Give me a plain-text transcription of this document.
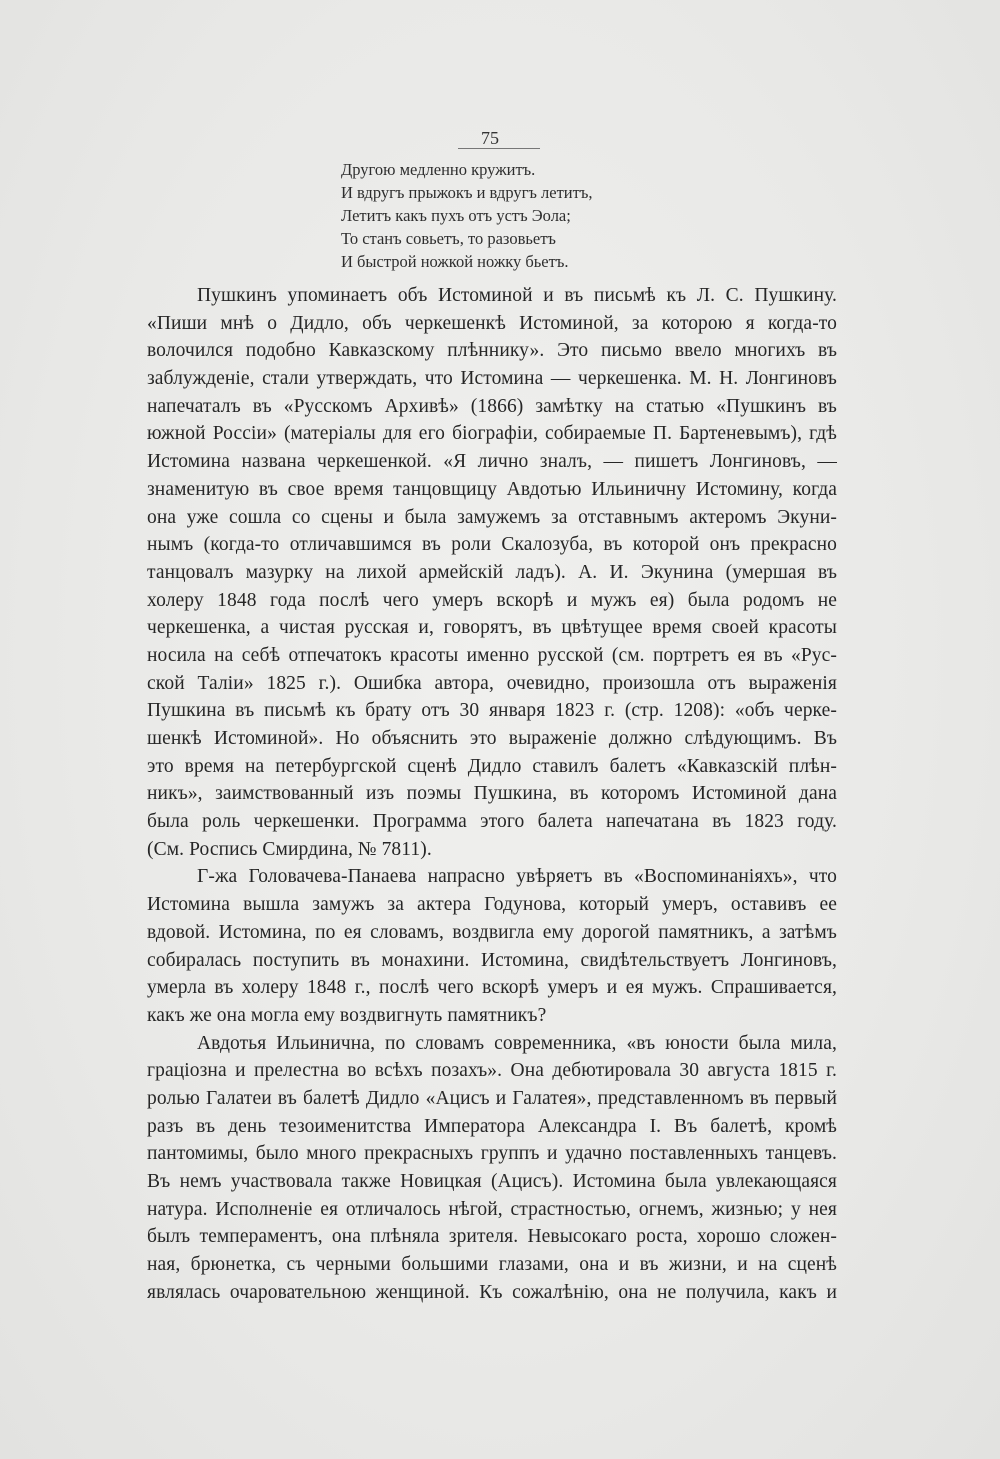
75
Другою медленно кружитъ.
И вдругъ прыжокъ и вдругъ летитъ,
Летитъ какъ пухъ отъ устъ Эола;
То станъ совьетъ, то разовьетъ
И быстрой ножкой ножку бьетъ.
Пушкинъ упоминаетъ объ Истоминой и въ письмѣ къ Л. С. Пушкину.
«Пиши мнѣ о Дидло, объ черкешенкѣ Истоминой, за которою я когда-то
волочился подобно Кавказскому плѣннику». Это письмо ввело многихъ въ
заблужденіе, стали утверждать, что Истомина — черкешенка. М. Н. Лонгиновъ
напечаталъ въ «Русскомъ Архивѣ» (1866) замѣтку на статью «Пушкинъ въ
южной Россіи» (матеріалы для его біографіи, собираемые П. Бартеневымъ), гдѣ
Истомина названа черкешенкой. «Я лично зналъ, — пишетъ Лонгиновъ, —
знаменитую въ свое время танцовщицу Авдотью Ильиничну Истомину, когда
она уже сошла со сцены и была замужемъ за отставнымъ актеромъ Экуни-
нымъ (когда-то отличавшимся въ роли Скалозуба, въ которой онъ прекрасно
танцовалъ мазурку на лихой армейскій ладъ). А. И. Экунина (умершая въ
холеру 1848 года послѣ чего умеръ вскорѣ и мужъ ея) была родомъ не
черкешенка, а чистая русская и, говорятъ, въ цвѣтущее время своей красоты
носила на себѣ отпечатокъ красоты именно русской (см. портретъ ея въ «Рус-
ской Таліи» 1825 г.). Ошибка автора, очевидно, произошла отъ выраженія
Пушкина въ письмѣ къ брату отъ 30 января 1823 г. (стр. 1208): «объ черке-
шенкѣ Истоминой». Но объяснить это выраженіе должно слѣдующимъ. Въ
это время на петербургской сценѣ Дидло ставилъ балетъ «Кавказскій плѣн-
никъ», заимствованный изъ поэмы Пушкина, въ которомъ Истоминой дана
была роль черкешенки. Программа этого балета напечатана въ 1823 году.
(См. Роспись Смирдина, № 7811).
Г-жа Головачева-Панаева напрасно увѣряетъ въ «Воспоминаніяхъ», что
Истомина вышла замужъ за актера Годунова, который умеръ, оставивъ ее
вдовой. Истомина, по ея словамъ, воздвигла ему дорогой памятникъ, а затѣмъ
собиралась поступить въ монахини. Истомина, свидѣтельствуетъ Лонгиновъ,
умерла въ холеру 1848 г., послѣ чего вскорѣ умеръ и ея мужъ. Спрашивается,
какъ же она могла ему воздвигнуть памятникъ?
Авдотья Ильинична, по словамъ современника, «въ юности была мила,
граціозна и прелестна во всѣхъ позахъ». Она дебютировала 30 августа 1815 г.
ролью Галатеи въ балетѣ Дидло «Ацисъ и Галатея», представленномъ въ первый
разъ въ день тезоименитства Императора Александра I. Въ балетѣ, кромѣ
пантомимы, было много прекрасныхъ группъ и удачно поставленныхъ танцевъ.
Въ немъ участвовала также Новицкая (Ацисъ). Истомина была увлекающаяся
натура. Исполненіе ея отличалось нѣгой, страстностью, огнемъ, жизнью; у нея
былъ темпераментъ, она плѣняла зрителя. Невысокаго роста, хорошо сложен-
ная, брюнетка, съ черными большими глазами, она и въ жизни, и на сценѣ
являлась очаровательною женщиной. Къ сожалѣнію, она не получила, какъ и
